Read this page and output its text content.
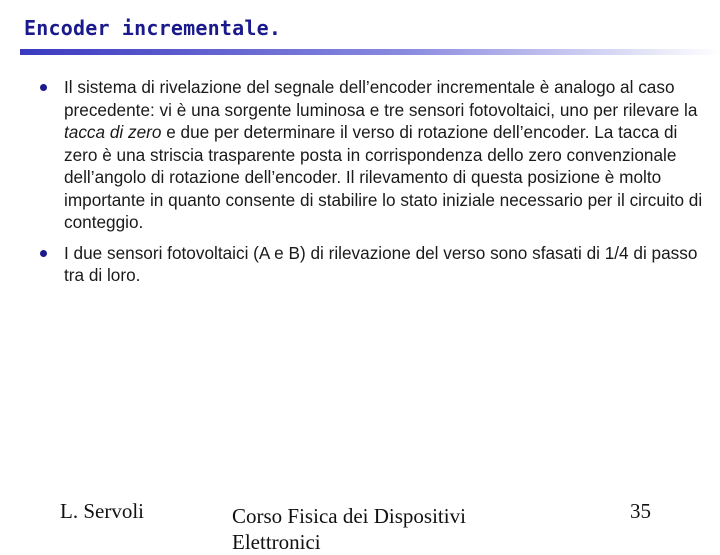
Encoder incrementale.
Il sistema di rivelazione del segnale dell’encoder incrementale è analogo al caso precedente: vi è una sorgente luminosa e tre sensori fotovoltaici, uno per rilevare la tacca di zero e due per determinare il verso di rotazione dell’encoder. La tacca di zero è una striscia trasparente posta in corrispondenza dello zero convenzionale dell’angolo di rotazione dell’encoder. Il rilevamento di questa posizione è molto importante in quanto consente di stabilire lo stato iniziale necessario per il circuito di conteggio.
I due sensori fotovoltaici (A e B) di rilevazione del verso sono sfasati di 1/4 di passo tra di loro.
L. Servoli	Corso Fisica dei Dispositivi Elettronici
35
